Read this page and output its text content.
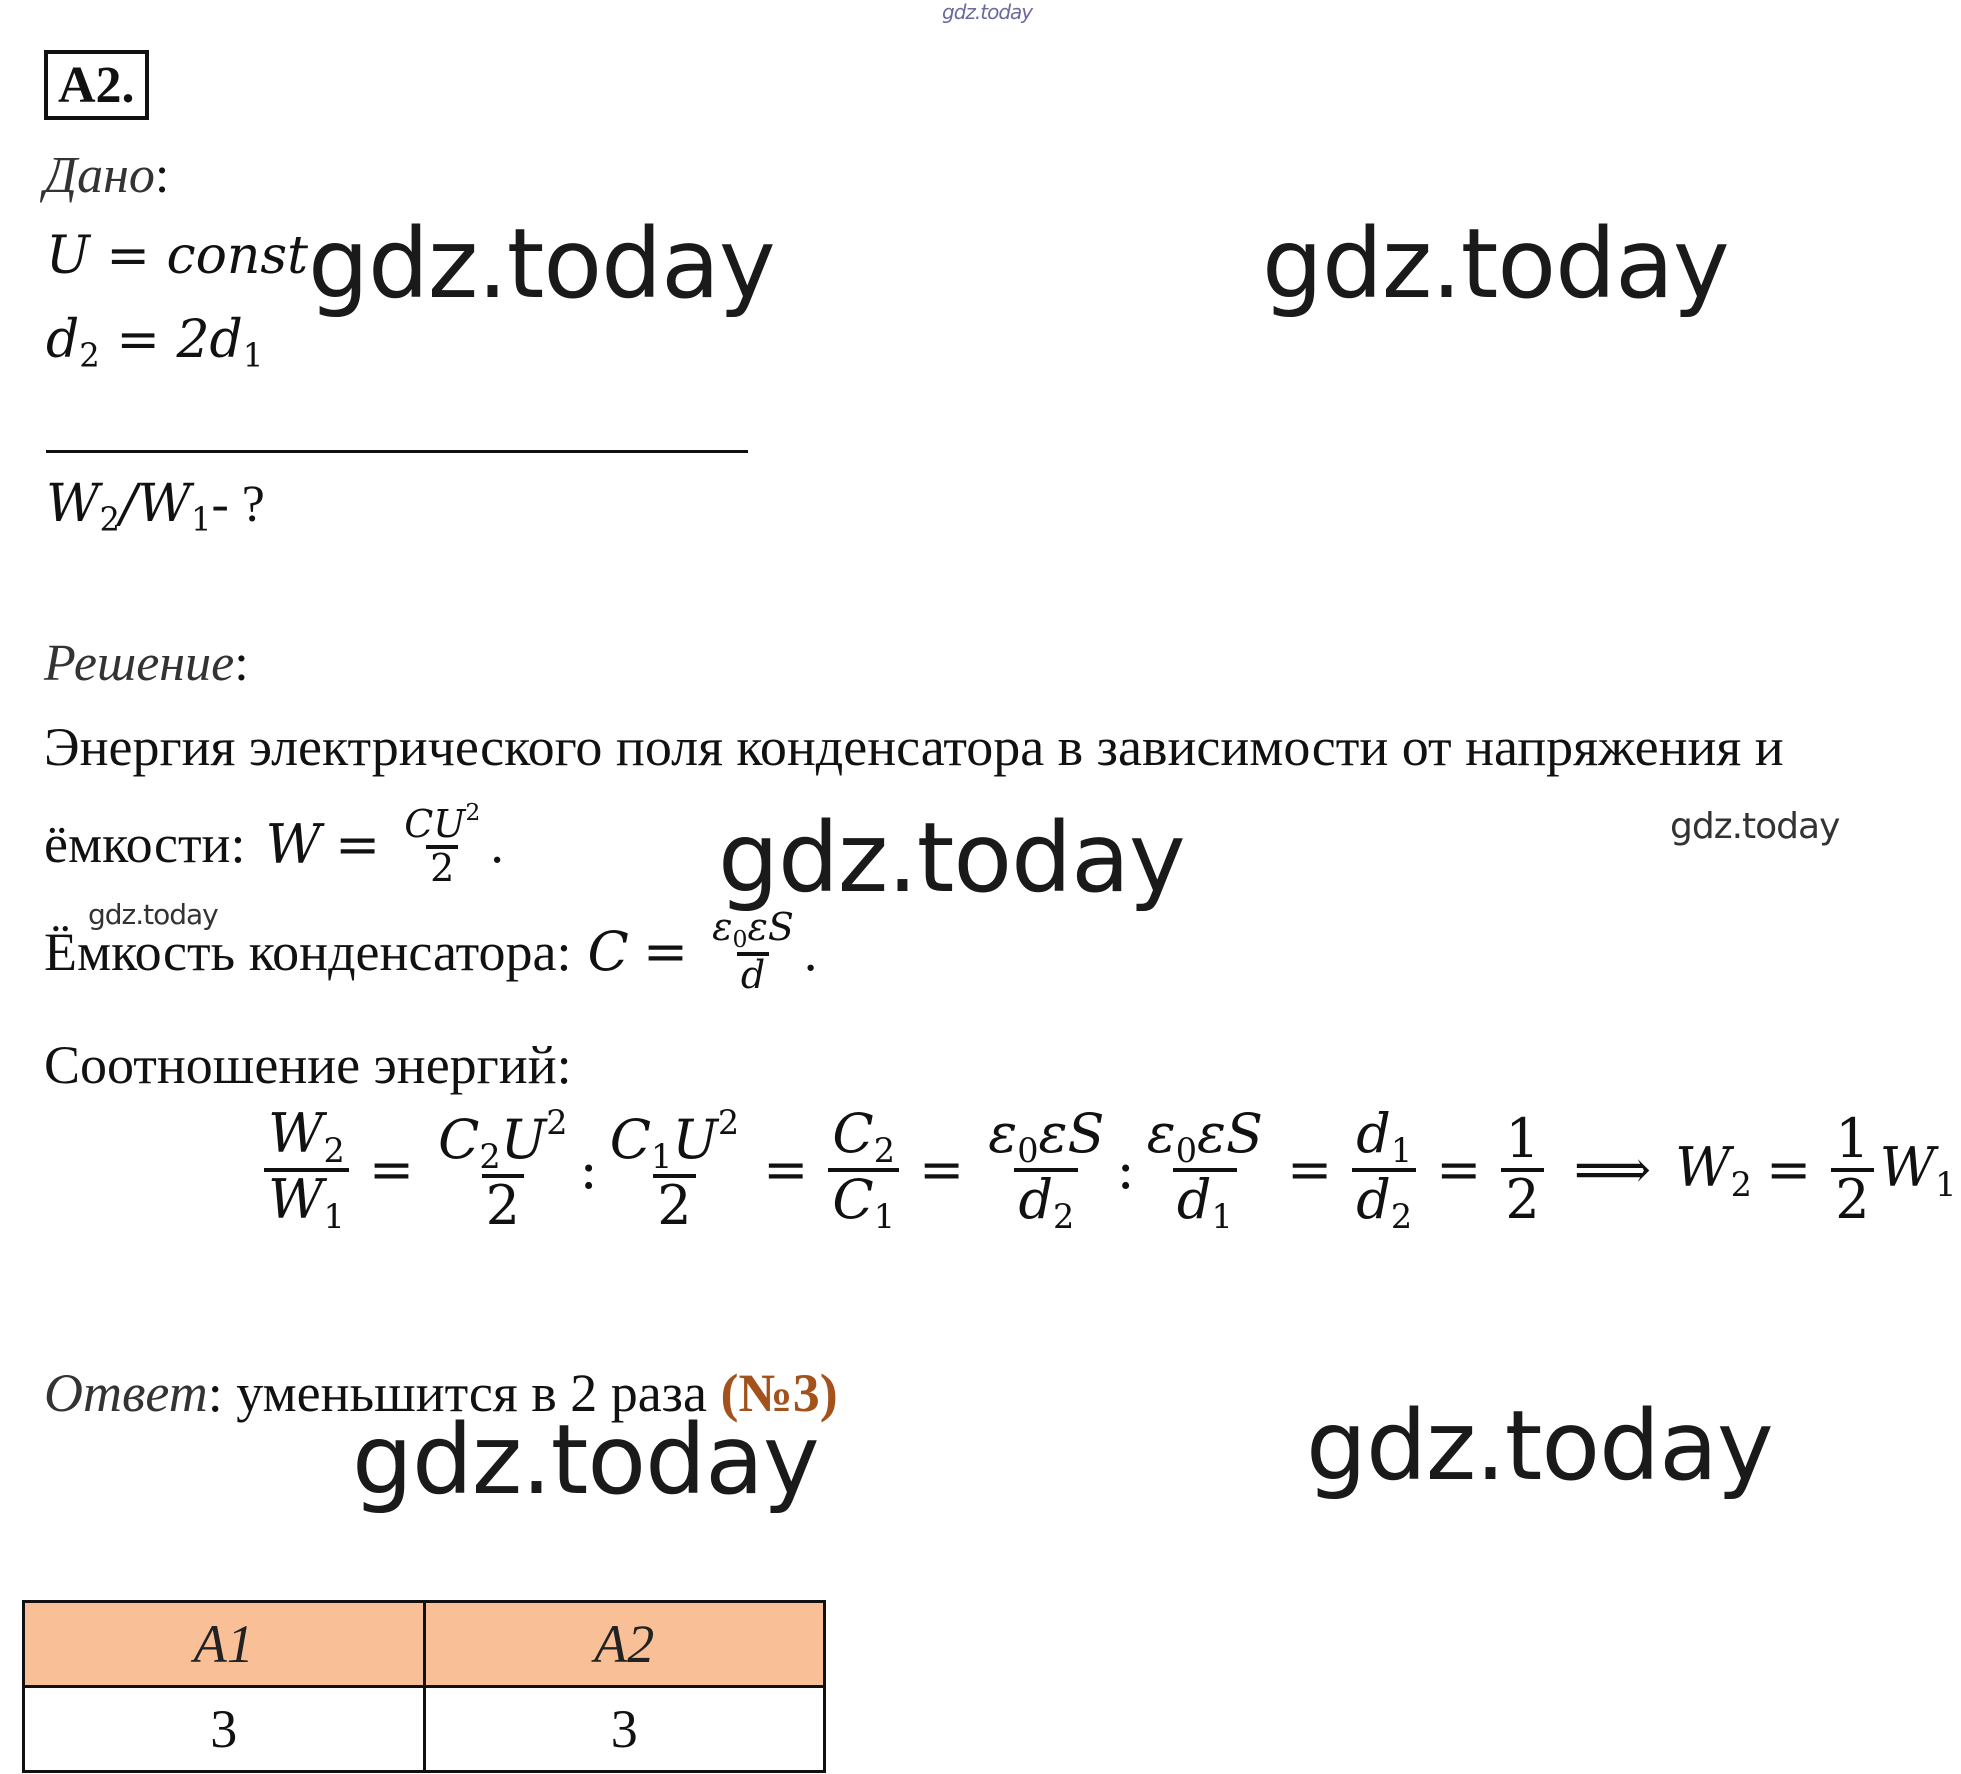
gdz.today
А2.
Дано:
U = const
$d_2 = 2d_1$
$W_2/W_1-$ ?
Решение:
Энергия электрического поля конденсатора в зависимости от напряжения и
ёмкости: $W = \frac{CU^2}{2}$ .
Ёмкость конденсатора: $C = \frac{\varepsilon_0\varepsilon S}{d}$ .
Соотношение энергий:
$\frac{W_2}{W_1} = \frac{C_2U^2}{2}$ : $\frac{C_1U^2}{2} = \frac{C_2}{C_1} = \frac{\varepsilon_0\varepsilon S}{d_2}$ : $\frac{\varepsilon_0\varepsilon S}{d_1} = \frac{d_1}{d_2} = \frac{1}{2}$ ⟹ $W_2 = \frac{1}{2} W_1$
Ответ: уменьшится в 2 раза (№3)
A1	A2
3	3
gdz.today	gdz.today
gdz.today	gdz.today
gdz.today
gdz.today	gdz.today
